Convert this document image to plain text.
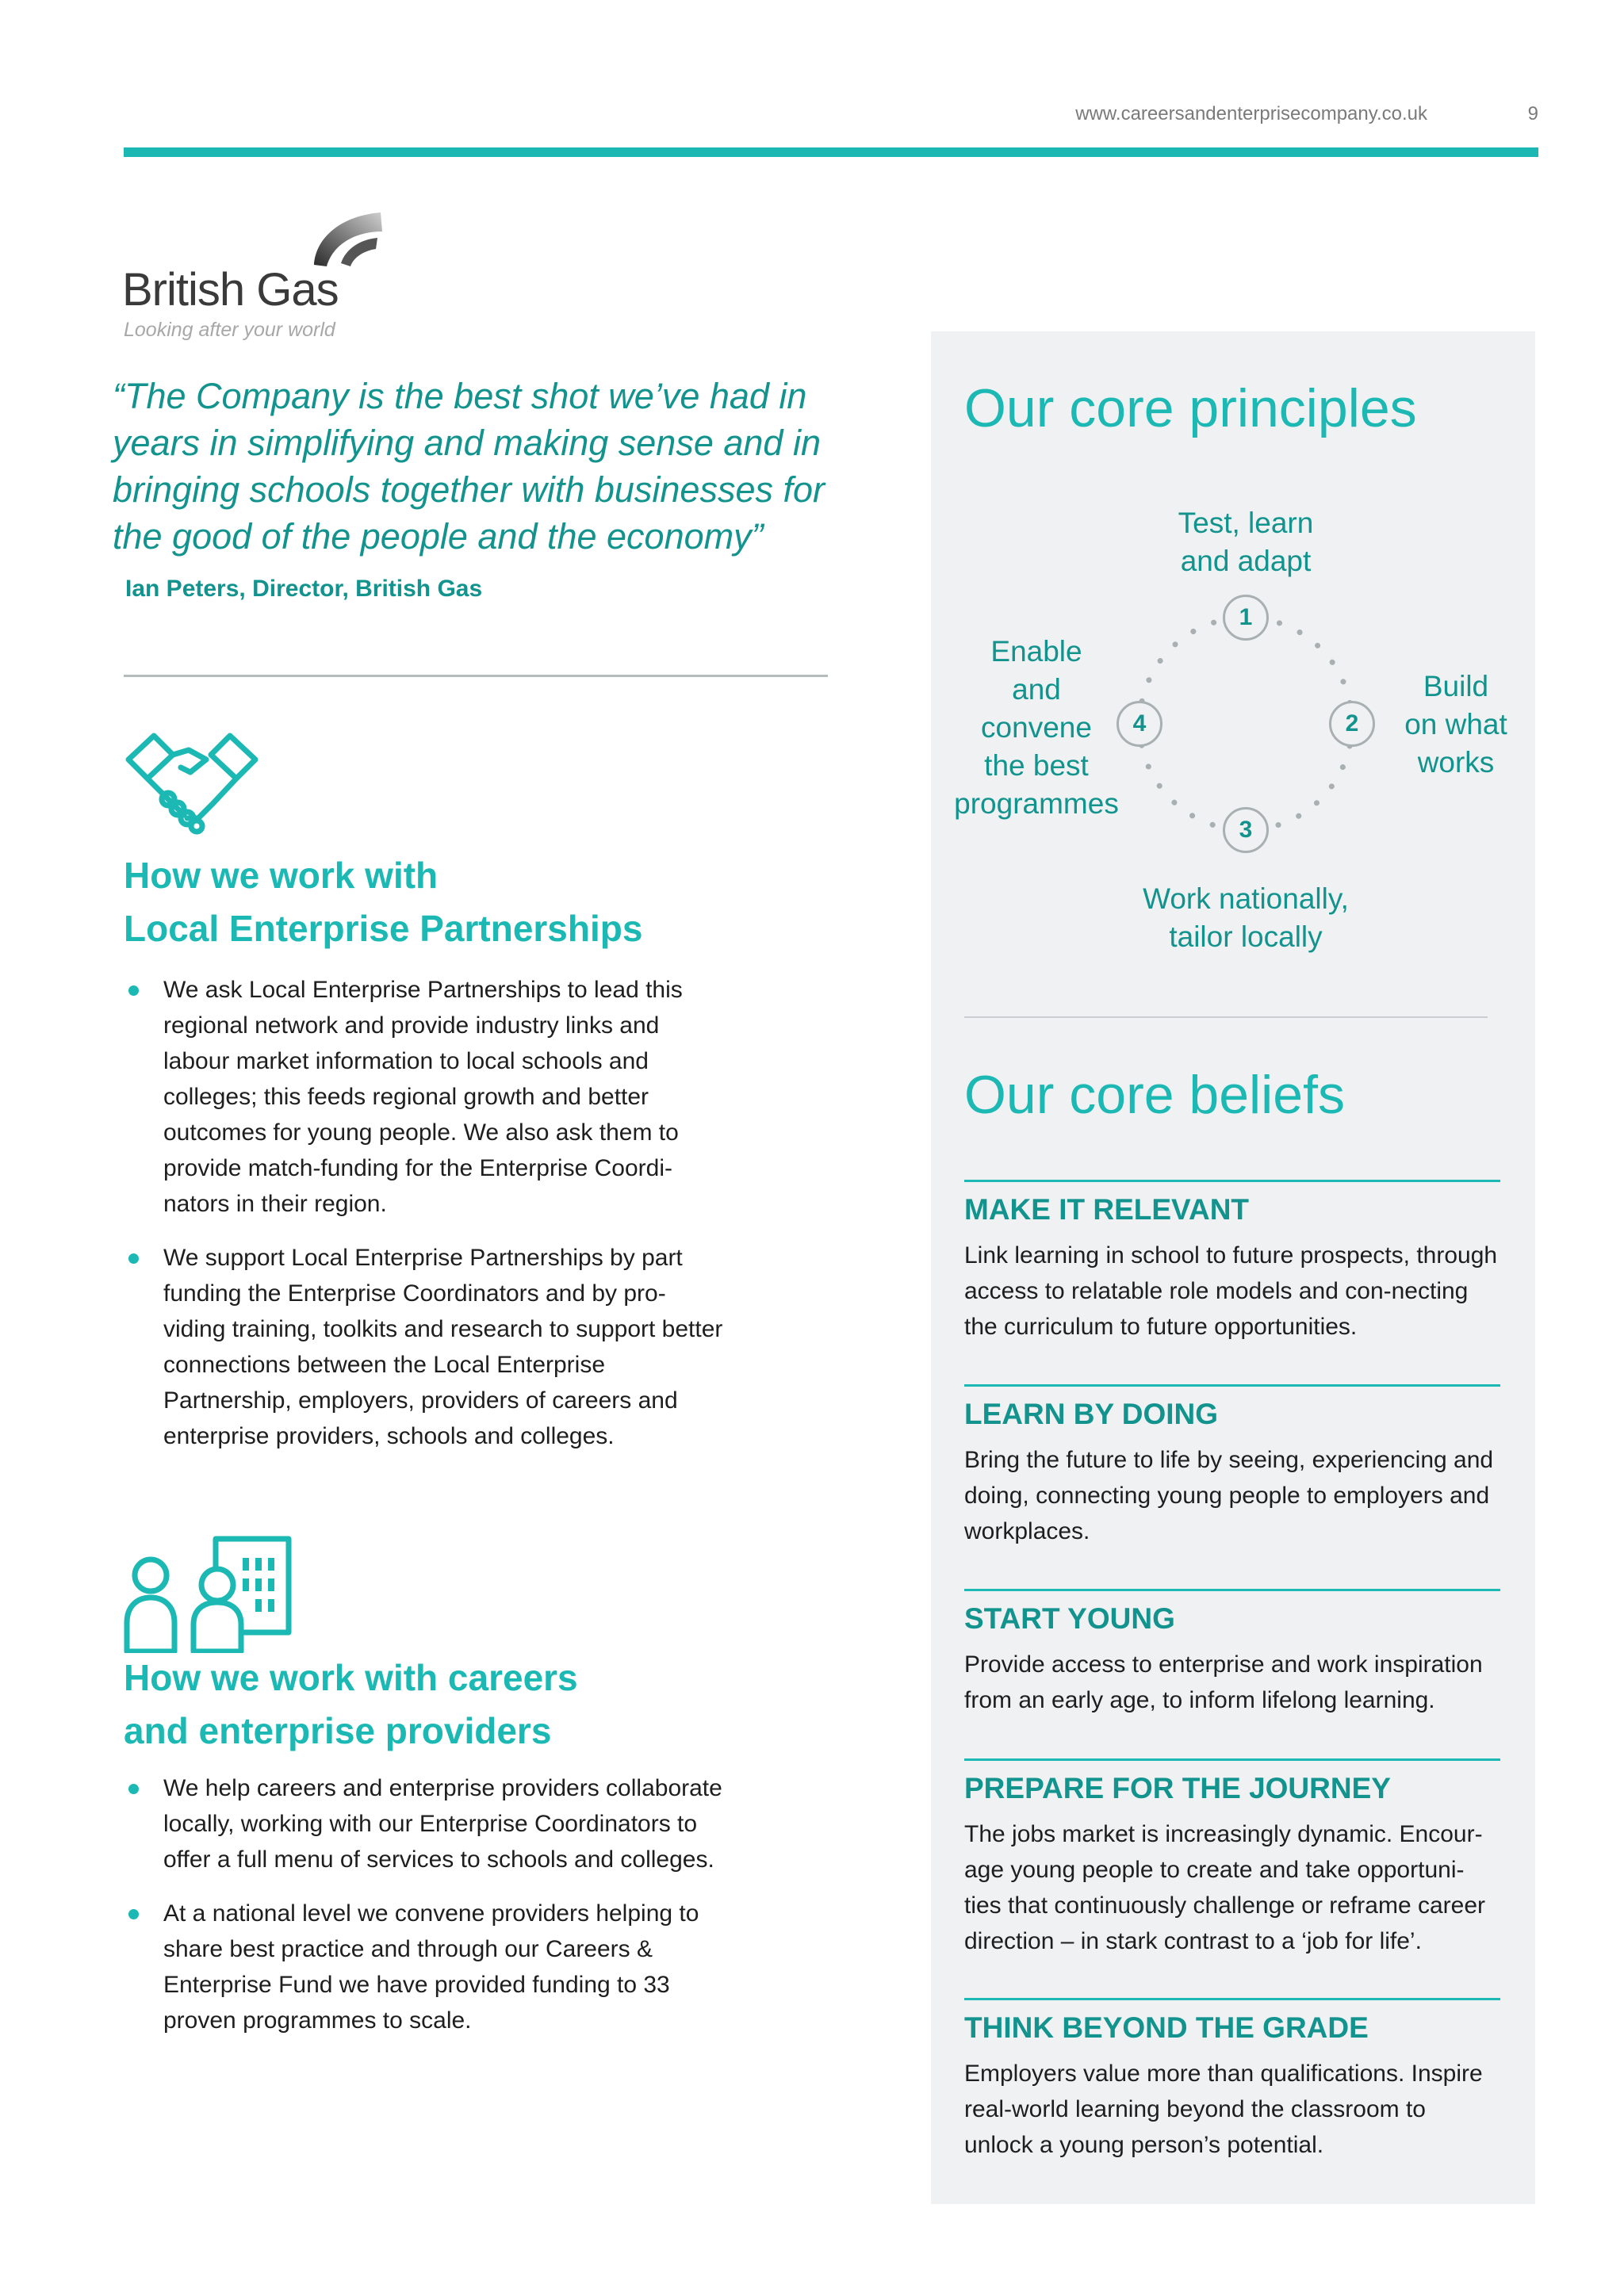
www.careersandenterprisecompany.co.uk	9
British Gas
Looking after your world
“The Company is the best shot we’ve had in years in simplifying and making sense and in bringing schools together with businesses for the good of the people and the economy”
Ian Peters, Director, British Gas
How we work with
Local Enterprise Partnerships
We ask Local Enterprise Partnerships to lead this regional network and provide industry links and labour market information to local schools and colleges; this feeds regional growth and better outcomes for young people. We also ask them to provide match-funding for the Enterprise Coordi-nators in their region.
We support Local Enterprise Partnerships by part funding the Enterprise Coordinators and by pro-viding training, toolkits and research to support better connections between the Local Enterprise Partnership, employers, providers of careers and enterprise providers, schools and colleges.
How we work with careers
and enterprise providers
We help careers and enterprise providers collaborate locally, working with our Enterprise Coordinators to offer a full menu of services to schools and colleges.
At a national level we convene providers helping to share best practice and through our Careers & Enterprise Fund we have provided funding to 33 proven programmes to scale.
Our core principles
1
2
3
4
Test, learn
and adapt
Build
on what
works
Work nationally,
tailor locally
Enable
and
convene
the best
programmes
Our core beliefs
MAKE IT RELEVANT
Link learning in school to future prospects, through access to relatable role models and con-necting the curriculum to future opportunities.
LEARN BY DOING
Bring the future to life by seeing, experiencing and doing, connecting young people to employers and workplaces.
START YOUNG
Provide access to enterprise and work inspiration from an early age, to inform lifelong learning.
PREPARE FOR THE JOURNEY
The jobs market is increasingly dynamic. Encour-age young people to create and take opportuni-ties that continuously challenge or reframe career direction – in stark contrast to a ‘job for life’.
THINK BEYOND THE GRADE
Employers value more than qualifications. Inspire real-world learning beyond the classroom to unlock a young person’s potential.
